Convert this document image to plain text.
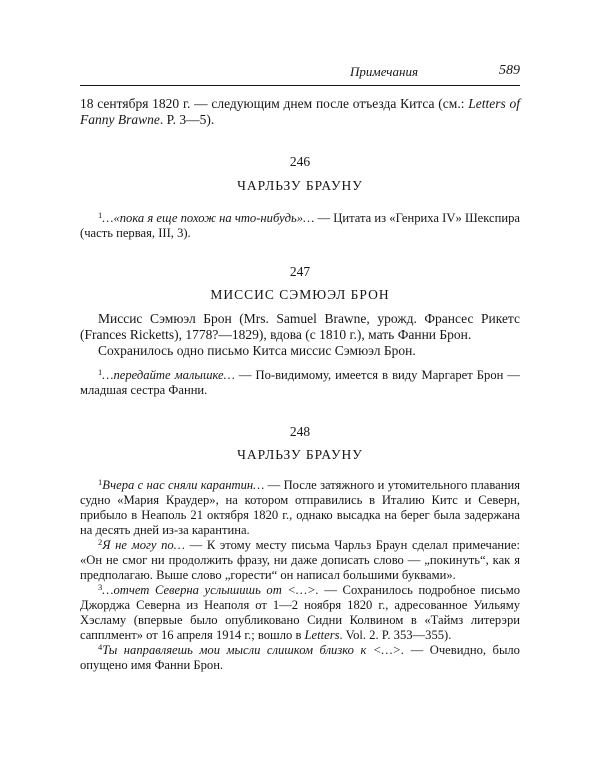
Примечания	589

18 сентября 1820 г. — следующим днем после отъезда Китса (см.: Letters of Fanny Brawne. P. 3—5).

246
ЧАРЛЬЗУ БРАУНУ

$^1$…«пока я еще похож на что-нибудь»… — Цитата из «Генриха IV» Шекспира (часть первая, III, 3).

247
МИССИС СЭМЮЭЛ БРОН

Миссис Сэмюэл Брон (Mrs. Samuel Brawne, урожд. Франсес Рикетс (Frances Ricketts), 1778?—1829), вдова (с 1810 г.), мать Фанни Брон.

Сохранилось одно письмо Китса миссис Сэмюэл Брон.

$^1$…передайте малышке… — По-видимому, имеется в виду Маргарет Брон — младшая сестра Фанни.

248
ЧАРЛЬЗУ БРАУНУ

$^1$Вчера с нас сняли карантин… — После затяжного и утомительного плавания судно «Мария Краудер», на котором отправились в Италию Китс и Северн, прибыло в Неаполь 21 октября 1820 г., однако высадка на берег была задержана на десять дней из-за карантина.

$^2$Я не могу по… — К этому месту письма Чарльз Браун сделал примечание: «Он не смог ни продолжить фразу, ни даже дописать слово — „покинуть“, как я предполагаю. Выше слово „горести“ он написал большими буквами».

$^3$…отчет Северна услышишь от <…>. — Сохранилось подробное письмо Джорджа Северна из Неаполя от 1—2 ноября 1820 г., адресованное Уильяму Хэсламу (впервые было опубликовано Сидни Колвином в «Таймз литерэри сапплмент» от 16 апреля 1914 г.; вошло в Letters. Vol. 2. P. 353—355).

$^4$Ты направляешь мои мысли слишком близко к <…>. — Очевидно, было опущено имя Фанни Брон.
